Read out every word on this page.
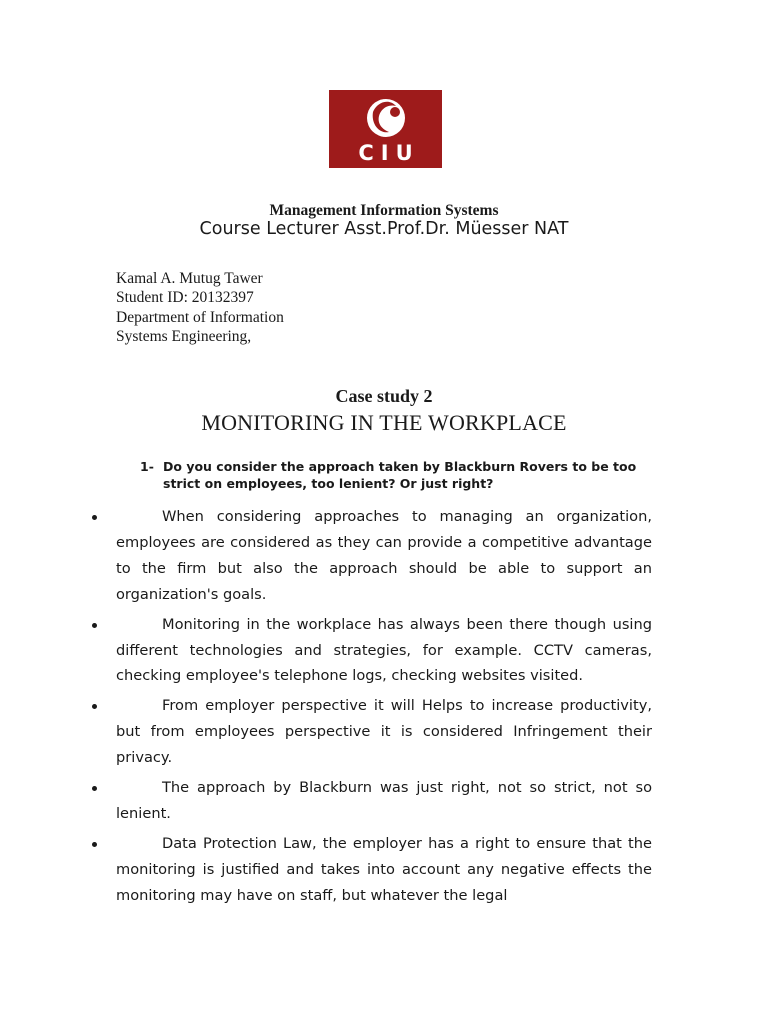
CIU
Management Information Systems
Course Lecturer Asst.Prof.Dr. Müesser NAT
Kamal A. Mutug Tawer
Student ID: 20132397
Department of Information
Systems Engineering,
Case study 2
MONITORING IN THE WORKPLACE
1- Do you consider the approach taken by Blackburn Rovers to be too strict on employees, too lenient? Or just right?
When considering approaches to managing an organization, employees are considered as they can provide a competitive advantage to the firm but also the approach should be able to support an organization's goals.
Monitoring in the workplace has always been there though using different technologies and strategies, for example. CCTV cameras, checking employee's telephone logs, checking websites visited.
From employer perspective it will Helps to increase productivity, but from employees perspective it is considered Infringement their privacy.
The approach by Blackburn was just right, not so strict, not so lenient.
Data Protection Law, the employer has a right to ensure that the monitoring is justified and takes into account any negative effects the monitoring may have on staff, but whatever the legal
